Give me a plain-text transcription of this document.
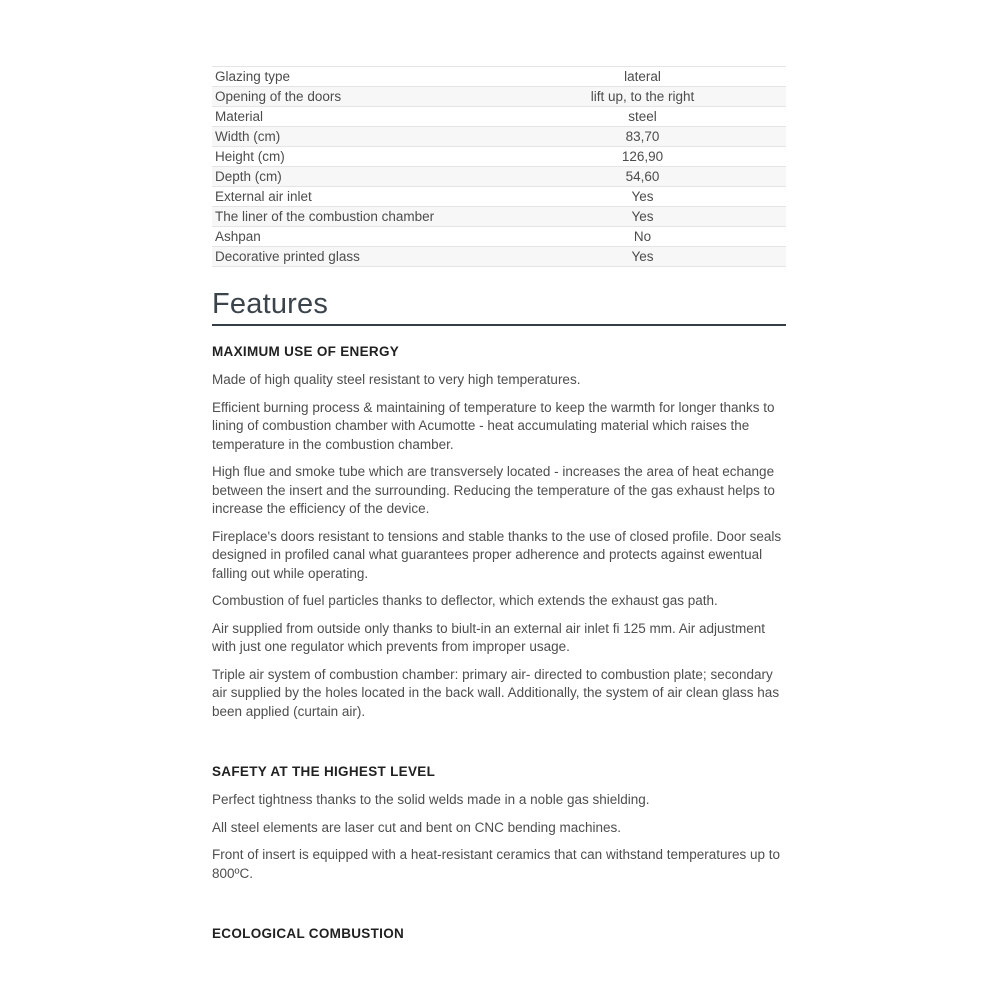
Glazing type	lateral
Opening of the doors	lift up, to the right
Material	steel
Width (cm)	83,70
Height (cm)	126,90
Depth (cm)	54,60
External air inlet	Yes
The liner of the combustion chamber	Yes
Ashpan	No
Decorative printed glass	Yes
Features
MAXIMUM USE OF ENERGY

Made of high quality steel resistant to very high temperatures.

Efficient burning process & maintaining of temperature to keep the warmth for longer thanks to lining of combustion chamber with Acumotte - heat accumulating material which raises the temperature in the combustion chamber.

High flue and smoke tube which are transversely located - increases the area of heat echange between the insert and the surrounding. Reducing the temperature of the gas exhaust helps to increase the efficiency of the device.

Fireplace's doors resistant to tensions and stable thanks to the use of closed profile. Door seals designed in profiled canal what guarantees proper adherence and protects against ewentual falling out while operating.

Combustion of fuel particles thanks to deflector, which extends the exhaust gas path.

Air supplied from outside only thanks to biult-in an external air inlet fi 125 mm. Air adjustment with just one regulator which prevents from improper usage.

Triple air system of combustion chamber: primary air- directed to combustion plate; secondary air supplied by the holes located in the back wall. Additionally, the system of air clean glass has been applied (curtain air).

SAFETY AT THE HIGHEST LEVEL

Perfect tightness thanks to the solid welds made in a noble gas shielding.

All steel elements are laser cut and bent on CNC bending machines.

Front of insert is equipped with a heat-resistant ceramics that can withstand temperatures up to 800ºC.

ECOLOGICAL COMBUSTION
